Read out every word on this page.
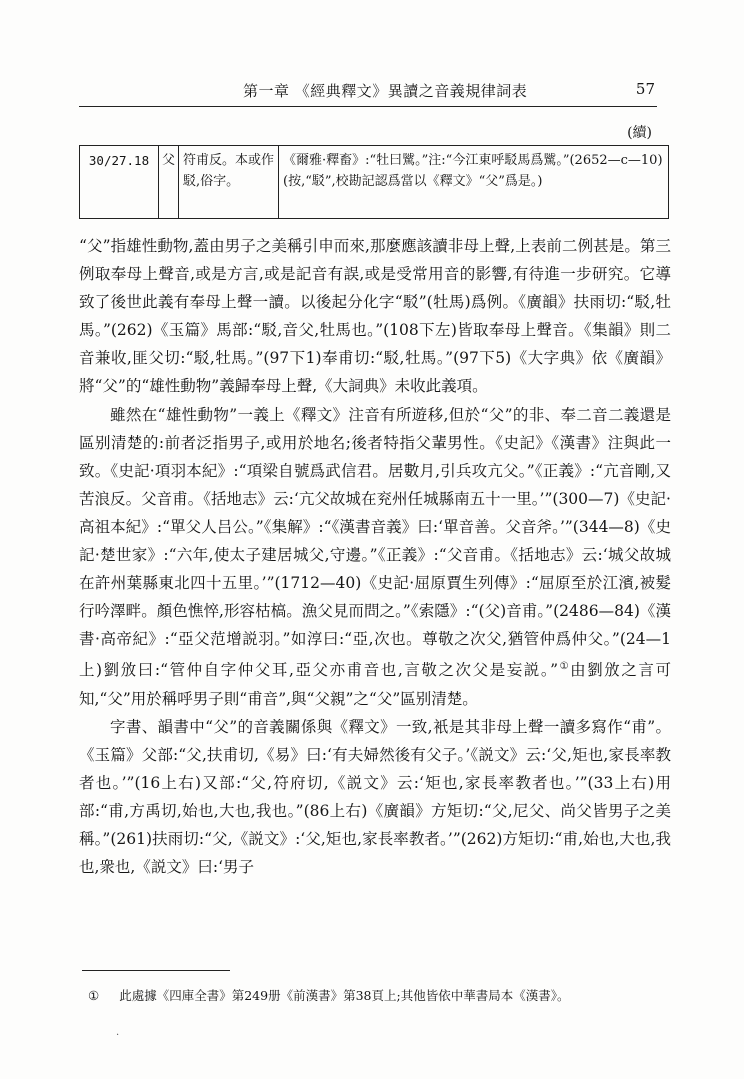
第一章 《經典釋文》異讀之音義規律詞表	57
(續)
30/27.18 父 符甫反。本或作駁,俗字。
《爾雅·釋畜》:“牡曰騭。”注:“今江東呼駁馬爲騭。”(2652—c—10)(按,“駁”,校勘記認爲當以《釋文》“父”爲是。)

“父”指雄性動物,蓋由男子之美稱引申而來,那麼應該讀非母上聲,上表前二例甚是。第三例取奉母上聲音,或是方言,或是記音有誤,或是受常用音的影響,有待進一步研究。它導致了後世此義有奉母上聲一讀。以後起分化字“駁”(牡馬)爲例。《廣韻》扶雨切:“駁,牡馬。”(262)《玉篇》馬部:“駁,音父,牡馬也。”(108下左)皆取奉母上聲音。《集韻》則二音兼收,匪父切:“駁,牡馬。”(97下1)奉甫切:“駁,牡馬。”(97下5)《大字典》依《廣韻》將“父”的“雄性動物”義歸奉母上聲,《大詞典》未收此義項。

雖然在“雄性動物”一義上《釋文》注音有所遊移,但於“父”的非、奉二音二義還是區别清楚的:前者泛指男子,或用於地名;後者特指父輩男性。《史記》《漢書》注與此一致。《史記·項羽本紀》:“項梁自號爲武信君。居數月,引兵攻亢父。”《正義》:“亢音剛,又苦浪反。父音甫。《括地志》云:‘亢父故城在兖州任城縣南五十一里。’”(300—7)《史記·高祖本紀》:“單父人吕公。”《集解》:“《漢書音義》曰:‘單音善。父音斧。’”(344—8)《史記·楚世家》:“六年,使太子建居城父,守邊。”《正義》:“父音甫。《括地志》云:‘城父故城在許州葉縣東北四十五里。’”(1712—40)《史記·屈原賈生列傳》:“屈原至於江濱,被髮行吟澤畔。顏色憔悴,形容枯槁。漁父見而問之。”《索隱》:“(父)音甫。”(2486—84)《漢書·高帝紀》:“亞父范增説羽。”如淳曰:“亞,次也。尊敬之次父,猶管仲爲仲父。”(24—1上)劉攽曰:“管仲自字仲父耳,亞父亦甫音也,言敬之次父是妄説。”①由劉攽之言可知,“父”用於稱呼男子則“甫音”,與“父親”之“父”區别清楚。

字書、韻書中“父”的音義關係與《釋文》一致,衹是其非母上聲一讀多寫作“甫”。《玉篇》父部:“父,扶甫切,《易》曰:‘有夫婦然後有父子。’《説文》云:‘父,矩也,家長率教者也。’”(16上右)又部:“父,符府切,《説文》云:‘矩也,家長率教者也。’”(33上右)用部:“甫,方禹切,始也,大也,我也。”(86上右)《廣韻》方矩切:“父,尼父、尚父皆男子之美稱。”(261)扶雨切:“父,《説文》:‘父,矩也,家長率教者。’”(262)方矩切:“甫,始也,大也,我也,衆也,《説文》曰:‘男子

① 此處據《四庫全書》第249册《前漢書》第38頁上;其他皆依中華書局本《漢書》。
.
